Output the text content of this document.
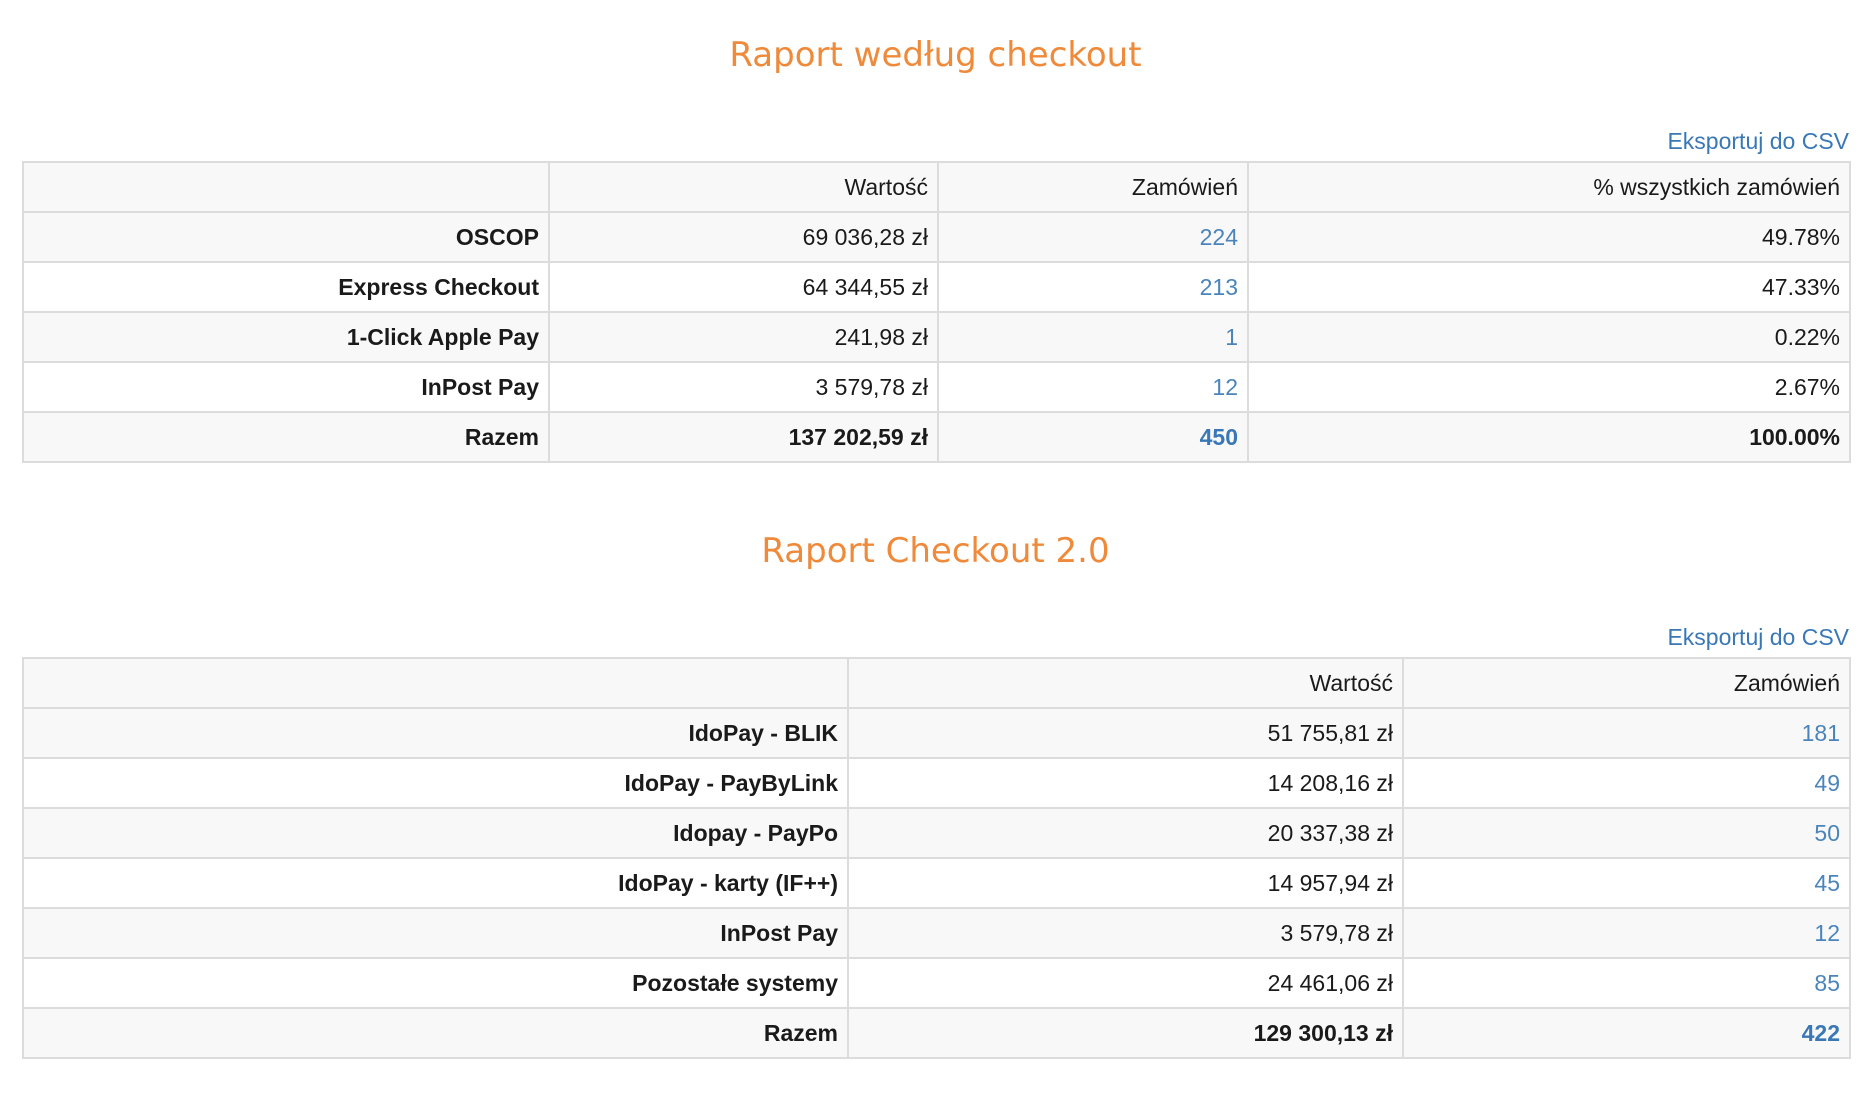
Raport według checkout
Eksportuj do CSV
	Wartość	Zamówień	% wszystkich zamówień
OSCOP	69 036,28 zł	224	49.78%
Express Checkout	64 344,55 zł	213	47.33%
1-Click Apple Pay	241,98 zł	1	0.22%
InPost Pay	3 579,78 zł	12	2.67%
Razem	137 202,59 zł	450	100.00%
Raport Checkout 2.0
Eksportuj do CSV
	Wartość	Zamówień
IdoPay - BLIK	51 755,81 zł	181
IdoPay - PayByLink	14 208,16 zł	49
Idopay - PayPo	20 337,38 zł	50
IdoPay - karty (IF++)	14 957,94 zł	45
InPost Pay	3 579,78 zł	12
Pozostałe systemy	24 461,06 zł	85
Razem	129 300,13 zł	422
